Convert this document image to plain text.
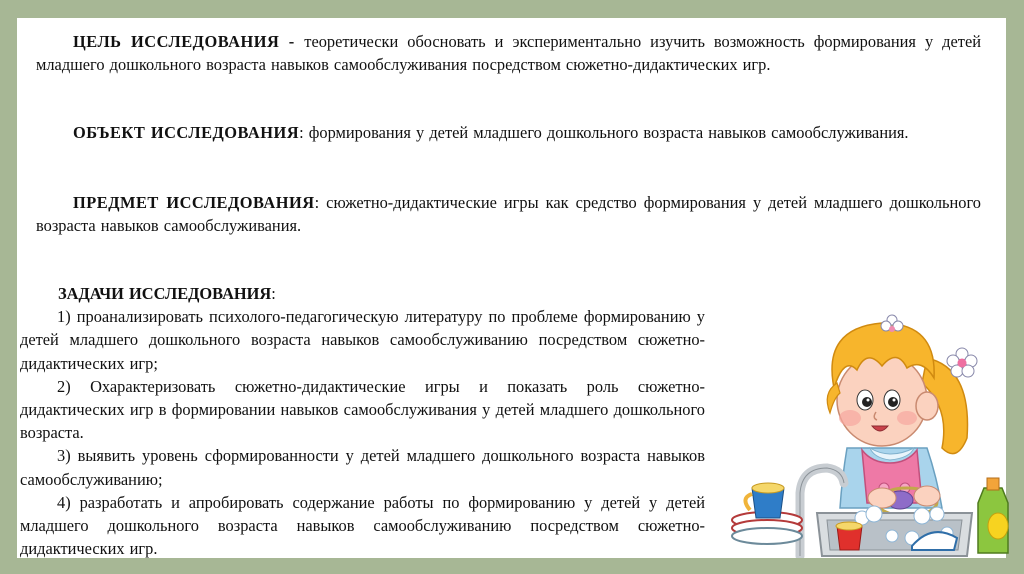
ЦЕЛЬ ИССЛЕДОВАНИЯ - теоретически обосновать и экспериментально изучить возможность формирования у детей младшего дошкольного возраста навыков самообслуживания посредством сюжетно-дидактических игр.
ОБЪЕКТ ИССЛЕДОВАНИЯ: формирования у детей младшего дошкольного возраста навыков самообслуживания.
ПРЕДМЕТ ИССЛЕДОВАНИЯ: сюжетно-дидактические игры как средство формирования у детей младшего дошкольного возраста навыков самообслуживания.

ЗАДАЧИ ИССЛЕДОВАНИЯ:

1) проанализировать психолого-педагогическую литературу по проблеме формированию у детей младшего дошкольного возраста навыков самообслуживанию посредством сюжетно-дидактических игр;

2) Охарактеризовать сюжетно-дидактические игры и показать роль сюжетно-дидактических игр в формировании навыков самообслуживания у детей младшего дошкольного возраста.

3) выявить уровень сформированности у детей младшего дошкольного возраста навыков самообслуживанию;

4) разработать и апробировать содержание работы по формированию у детей у детей младшего дошкольного возраста навыков самообслуживанию посредством сюжетно-дидактических игр.
